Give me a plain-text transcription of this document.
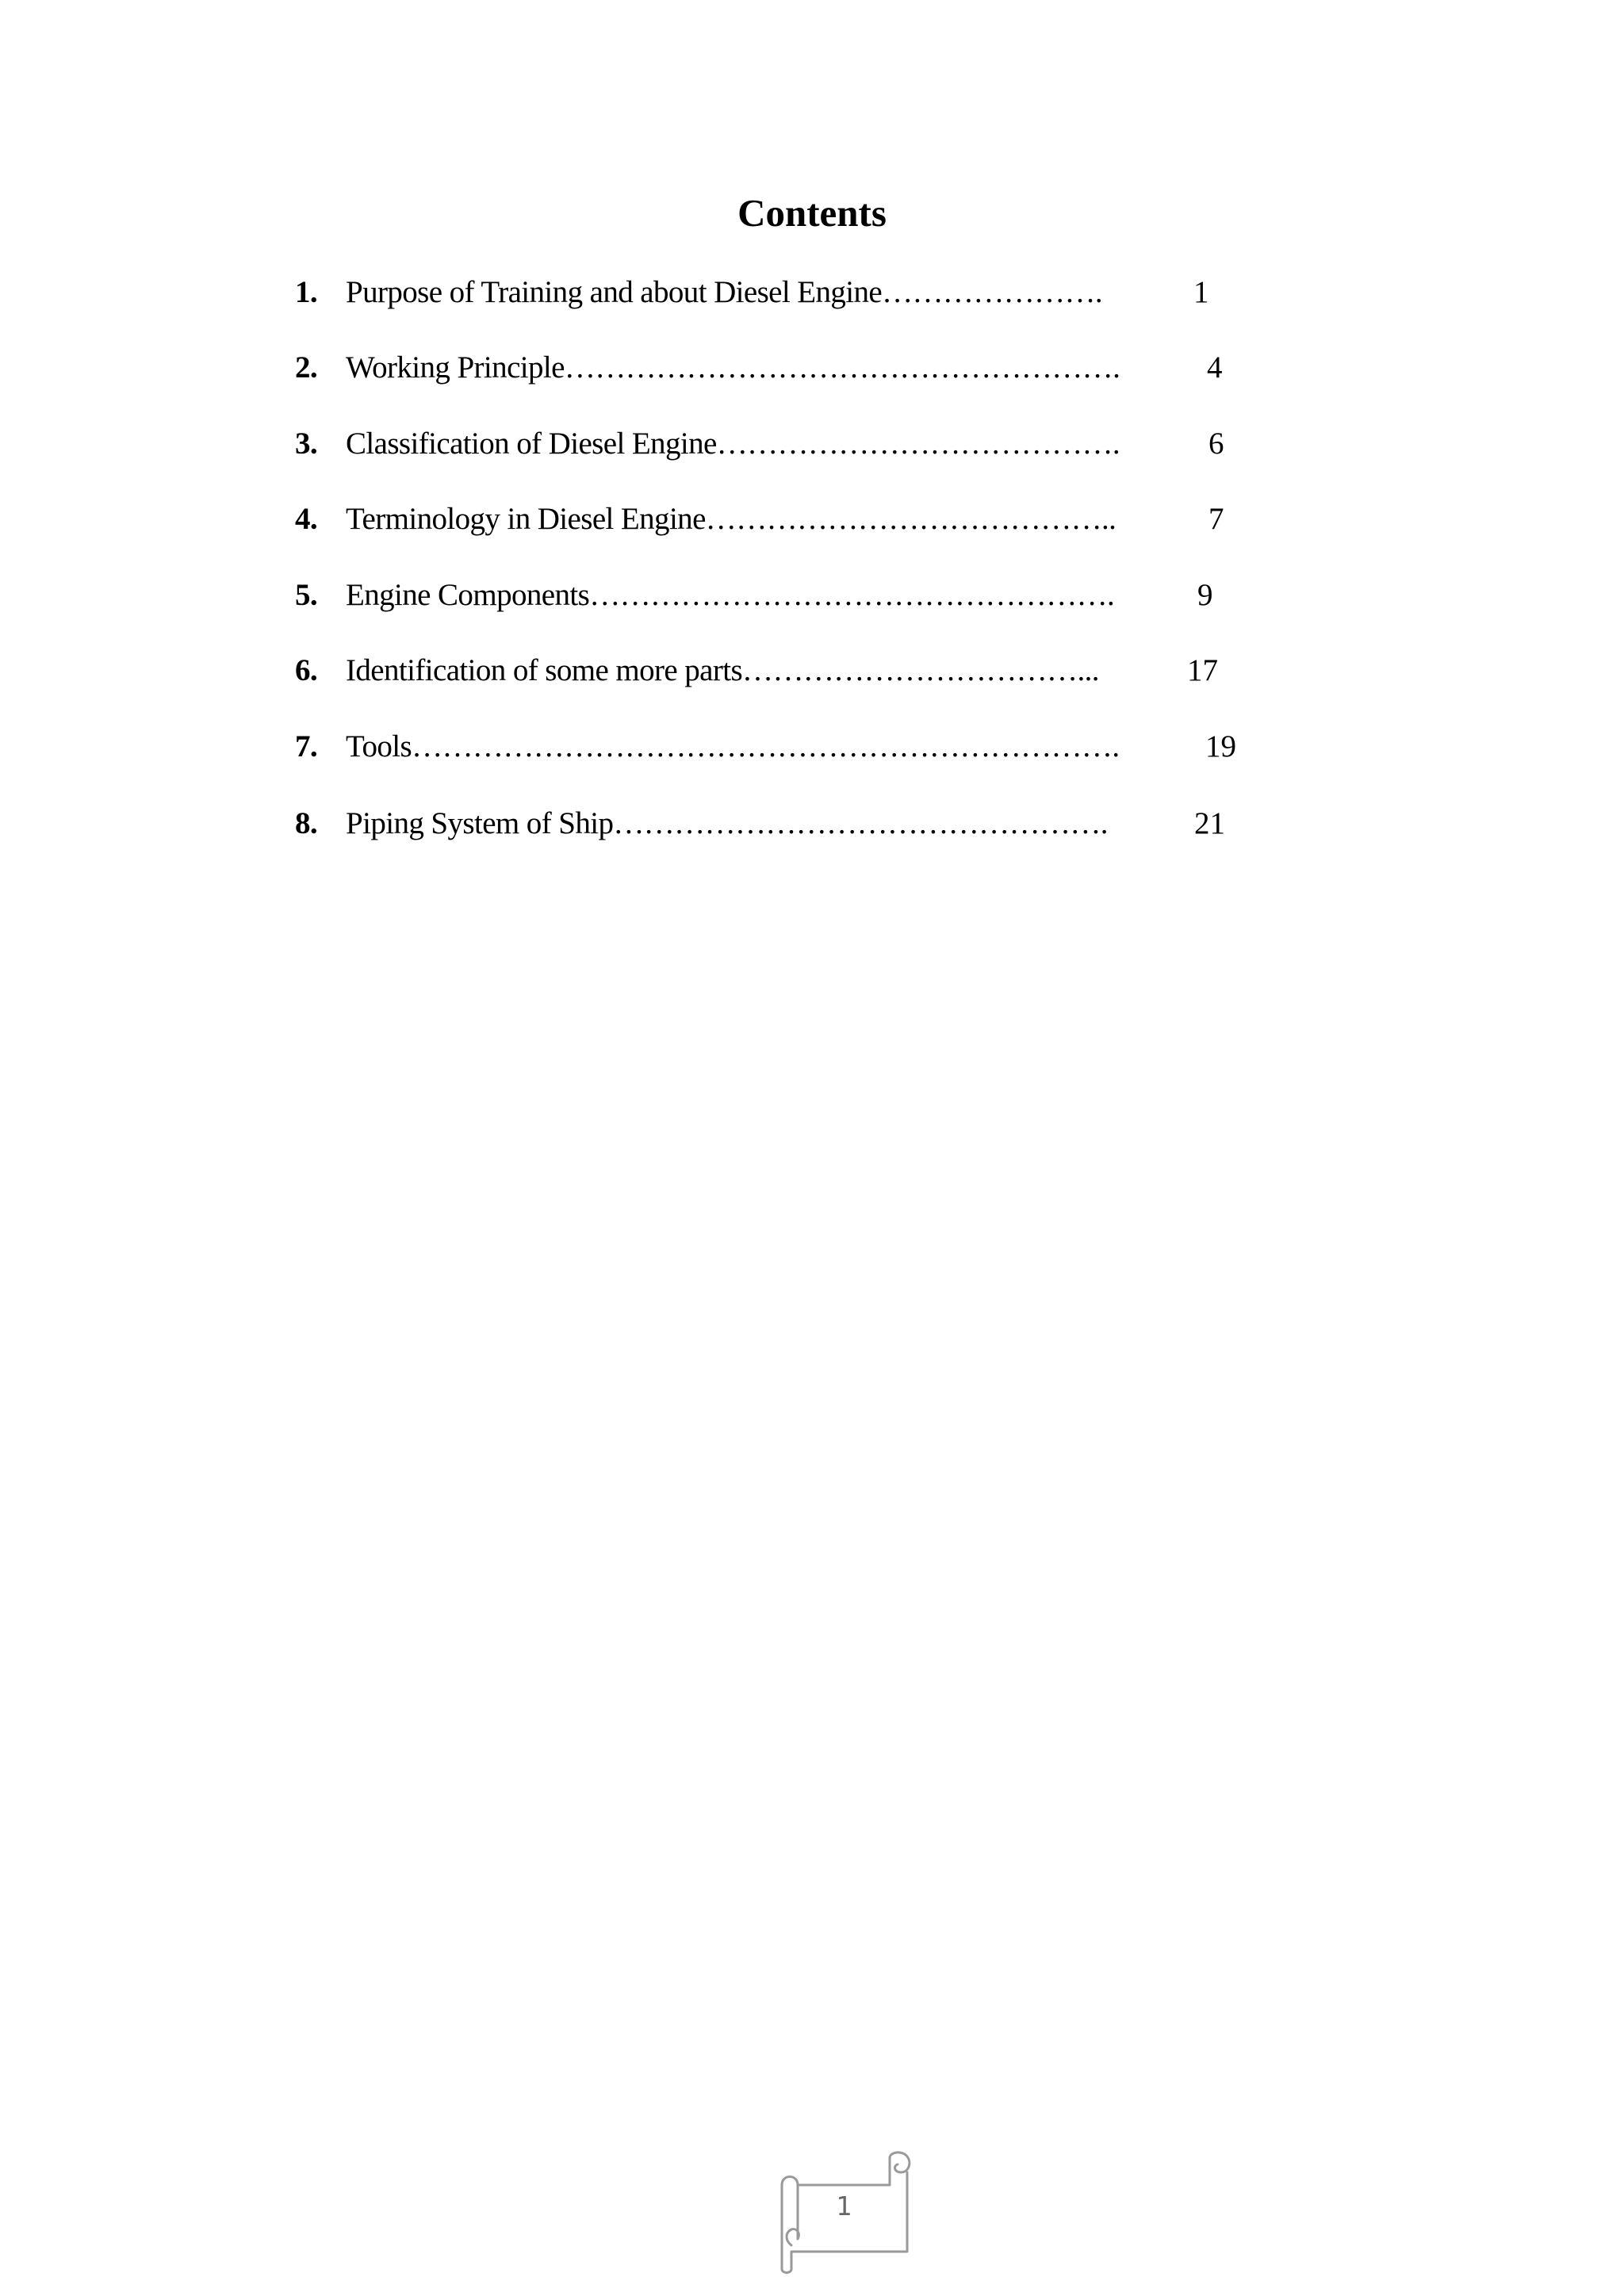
Contents
1. Purpose of Training and about Diesel Engine………………….	1
2. Working Principle……………………………………………….	4
3. Classification of Diesel Engine………………………………….	6
4. Terminology in Diesel Engine…………………………………..	7
5. Engine Components…………………………………………….	9
6. Identification of some more parts……………………………...	17
7. Tools…………………………………………………………….	19
8. Piping System of Ship………………………………………….	21
1
